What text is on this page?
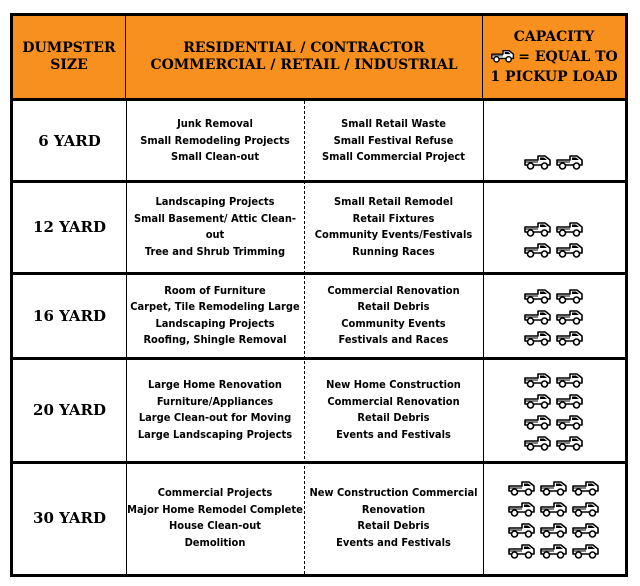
DUMPSTER
SIZE
RESIDENTIAL / CONTRACTOR
COMMERCIAL / RETAIL / INDUSTRIAL
CAPACITY
= EQUAL TO
1 PICKUP LOAD
6 YARD
Junk Removal
Small Remodeling Projects
Small Clean-out
Small Retail Waste
Small Festival Refuse
Small Commercial Project
12 YARD
Landscaping Projects
Small Basement/ Attic Clean-out
Tree and Shrub Trimming
Small Retail Remodel
Retail Fixtures
Community Events/Festivals
Running Races
16 YARD
Room of Furniture
Carpet, Tile Remodeling Large
Landscaping Projects
Roofing, Shingle Removal
Commercial Renovation
Retail Debris
Community Events
Festivals and Races
20 YARD
Large Home Renovation
Furniture/Appliances
Large Clean-out for Moving
Large Landscaping Projects
New Home Construction
Commercial Renovation
Retail Debris
Events and Festivals
30 YARD
Commercial Projects
Major Home Remodel Complete
House Clean-out
Demolition
New Construction Commercial
Renovation
Retail Debris
Events and Festivals
